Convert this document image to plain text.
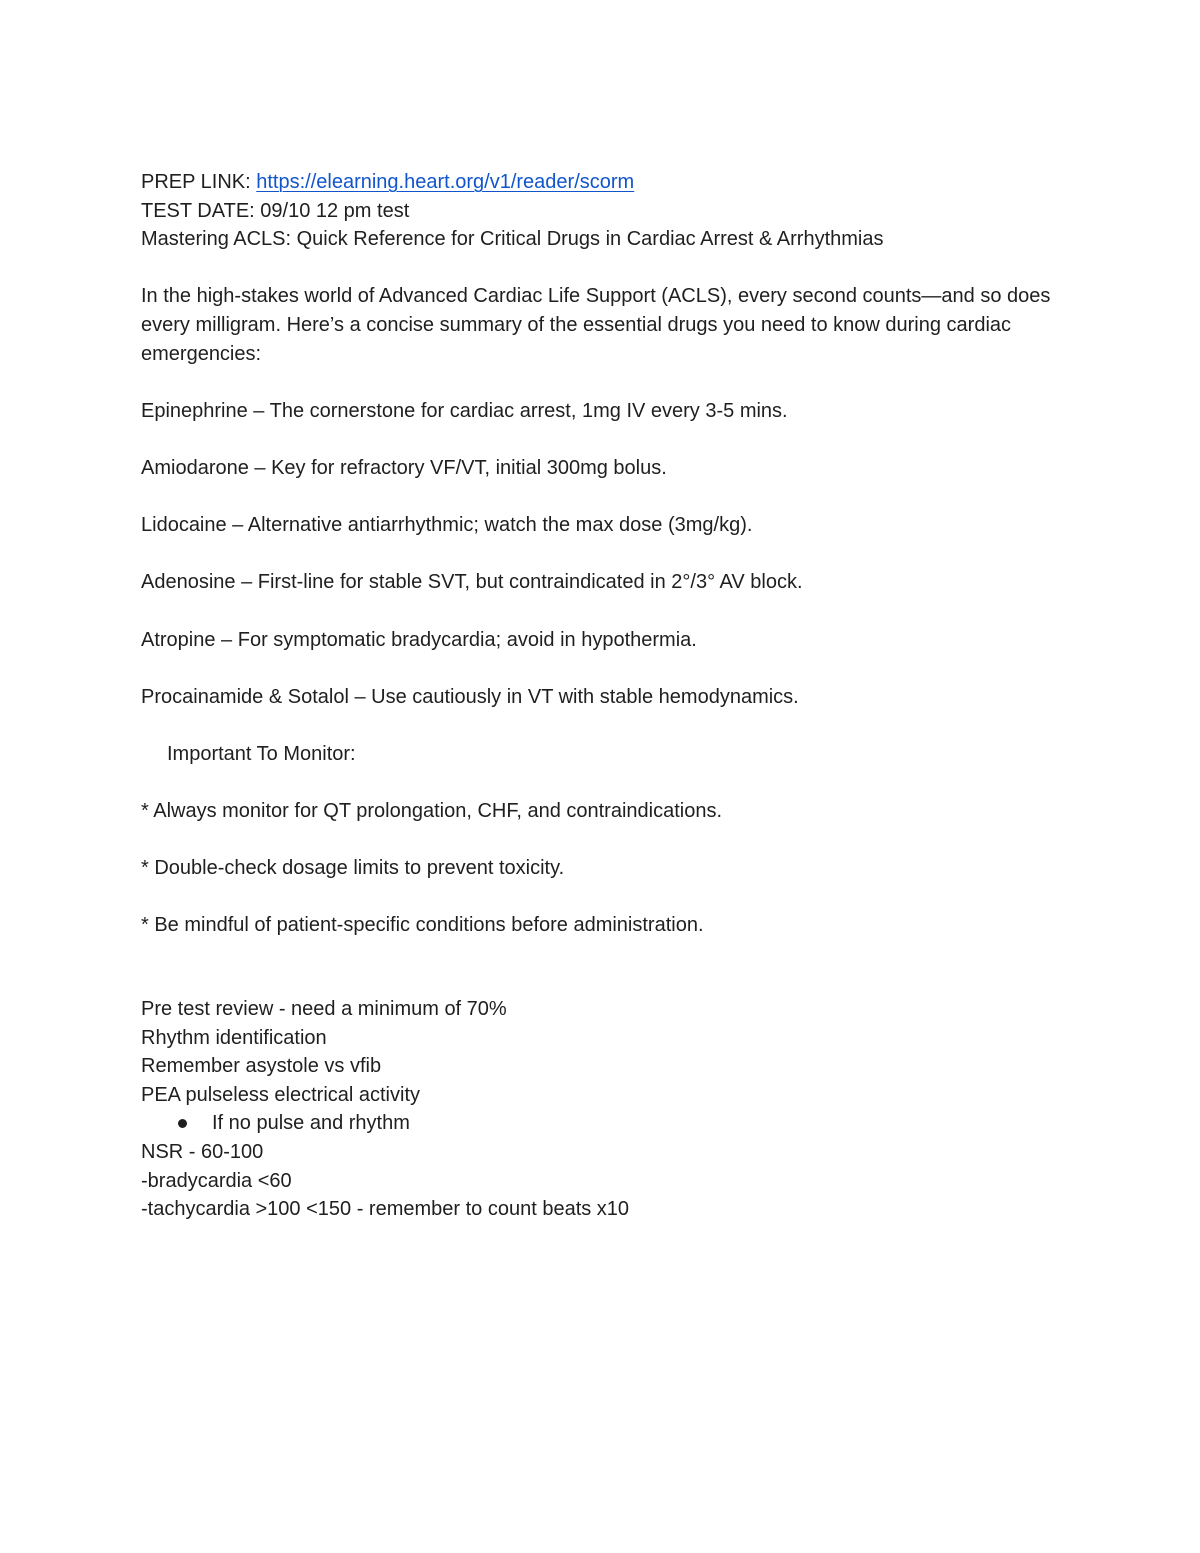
PREP LINK: https://elearning.heart.org/v1/reader/scorm

TEST DATE: 09/10 12 pm test

Mastering ACLS: Quick Reference for Critical Drugs in Cardiac Arrest & Arrhythmias

In the high-stakes world of Advanced Cardiac Life Support (ACLS), every second counts—and so does every milligram. Here’s a concise summary of the essential drugs you need to know during cardiac emergencies:

Epinephrine – The cornerstone for cardiac arrest, 1mg IV every 3-5 mins.

Amiodarone – Key for refractory VF/VT, initial 300mg bolus.

Lidocaine – Alternative antiarrhythmic; watch the max dose (3mg/kg).

Adenosine – First-line for stable SVT, but contraindicated in 2°/3° AV block.

Atropine – For symptomatic bradycardia; avoid in hypothermia.

Procainamide & Sotalol – Use cautiously in VT with stable hemodynamics.

Important To Monitor:

* Always monitor for QT prolongation, CHF, and contraindications.

* Double-check dosage limits to prevent toxicity.

* Be mindful of patient-specific conditions before administration.

Pre test review - need a minimum of 70%

Rhythm identification

Remember asystole vs vfib

PEA pulseless electrical activity

If no pulse and rhythm

NSR - 60-100

-bradycardia <60

-tachycardia >100 <150 - remember to count beats x10
